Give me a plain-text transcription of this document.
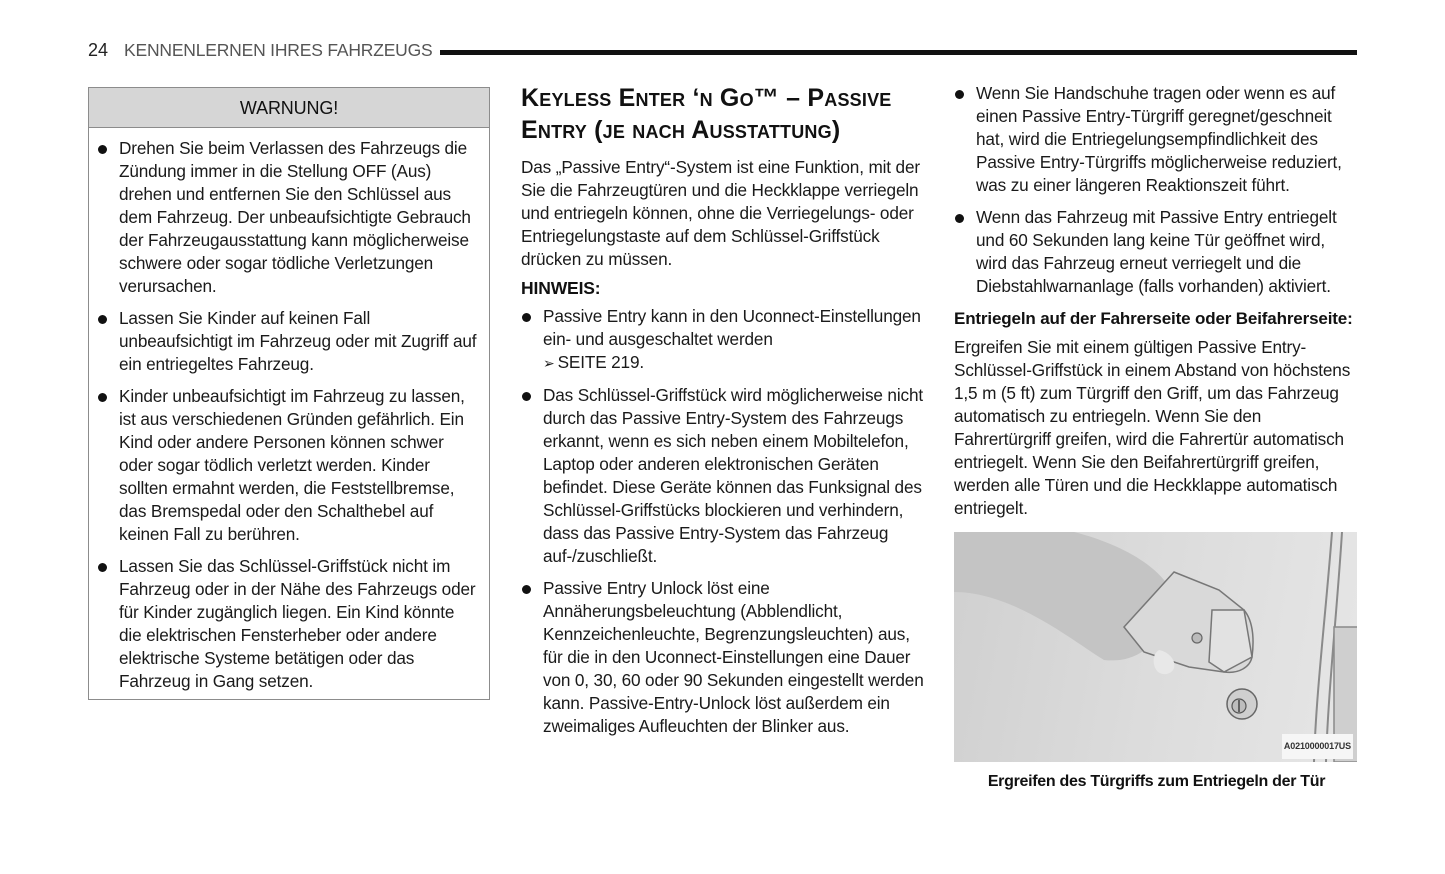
24 KENNENLERNEN IHRES FAHRZEUGS
WARNUNG!
Drehen Sie beim Verlassen des Fahrzeugs die Zündung immer in die Stellung OFF (Aus) drehen und entfernen Sie den Schlüssel aus dem Fahrzeug. Der unbeaufsichtigte Gebrauch der Fahrzeugausstattung kann möglicherweise schwere oder sogar tödliche Verletzungen verursachen.
Lassen Sie Kinder auf keinen Fall unbeaufsichtigt im Fahrzeug oder mit Zugriff auf ein entriegeltes Fahrzeug.
Kinder unbeaufsichtigt im Fahrzeug zu lassen, ist aus verschiedenen Gründen gefährlich. Ein Kind oder andere Personen können schwer oder sogar tödlich verletzt werden. Kinder sollten ermahnt werden, die Feststellbremse, das Bremspedal oder den Schalthebel auf keinen Fall zu berühren.
Lassen Sie das Schlüssel-Griffstück nicht im Fahrzeug oder in der Nähe des Fahrzeugs oder für Kinder zugänglich liegen. Ein Kind könnte die elektrischen Fensterheber oder andere elektrische Systeme betätigen oder das Fahrzeug in Gang setzen.
Keyless Enter ‘n Go™ – Passive Entry (je nach Ausstattung)

Das „Passive Entry“-System ist eine Funktion, mit der Sie die Fahrzeugtüren und die Heckklappe verriegeln und entriegeln können, ohne die Verriegelungs- oder Entriegelungstaste auf dem Schlüssel-Griffstück drücken zu müssen.

HINWEIS:
Passive Entry kann in den Uconnect-Einstellungen ein- und ausgeschaltet werden
➢ SEITE 219.
Das Schlüssel-Griffstück wird möglicherweise nicht durch das Passive Entry-System des Fahrzeugs erkannt, wenn es sich neben einem Mobiltelefon, Laptop oder anderen elektronischen Geräten befindet. Diese Geräte können das Funksignal des Schlüssel-Griffstücks blockieren und verhindern, dass das Passive Entry-System das Fahrzeug auf-/zuschließt.
Passive Entry Unlock löst eine Annäherungsbeleuchtung (Abblendlicht, Kennzeichenleuchte, Begrenzungsleuchten) aus, für die in den Uconnect-Einstellungen eine Dauer von 0, 30, 60 oder 90 Sekunden eingestellt werden kann. Passive-Entry-Unlock löst außerdem ein zweimaliges Aufleuchten der Blinker aus.
Wenn Sie Handschuhe tragen oder wenn es auf einen Passive Entry-Türgriff geregnet/geschneit hat, wird die Entriegelungsempfindlichkeit des Passive Entry-Türgriffs möglicherweise reduziert, was zu einer längeren Reaktionszeit führt.
Wenn das Fahrzeug mit Passive Entry entriegelt und 60 Sekunden lang keine Tür geöffnet wird, wird das Fahrzeug erneut verriegelt und die Diebstahlwarnanlage (falls vorhanden) aktiviert.
Entriegeln auf der Fahrerseite oder Beifahrerseite:

Ergreifen Sie mit einem gültigen Passive Entry-Schlüssel-Griffstück in einem Abstand von höchstens 1,5 m (5 ft) zum Türgriff den Griff, um das Fahrzeug automatisch zu entriegeln. Wenn Sie den Fahrertürgriff greifen, wird die Fahrertür automatisch entriegelt. Wenn Sie den Beifahrertürgriff greifen, werden alle Türen und die Heckklappe automatisch entriegelt.

A0210000017US
Ergreifen des Türgriffs zum Entriegeln der Tür
